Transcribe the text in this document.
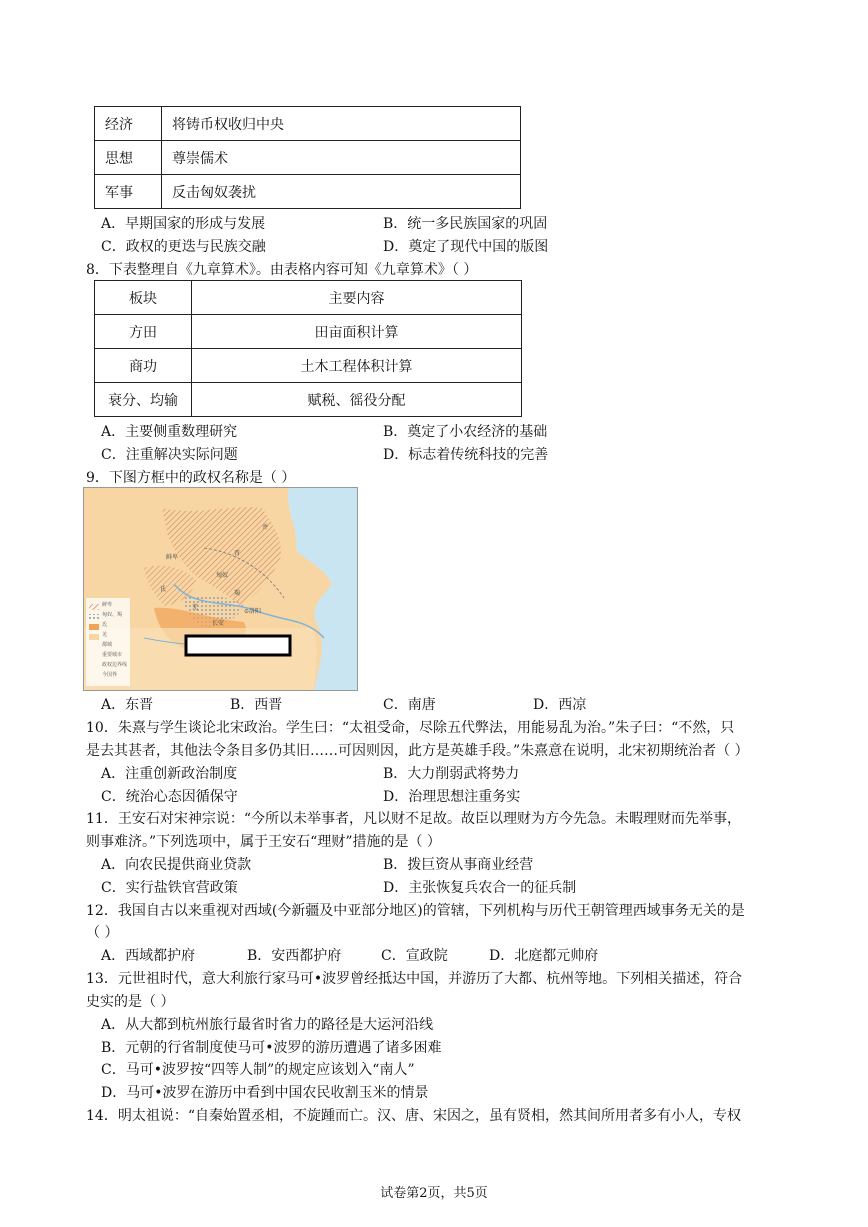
经济	将铸币权收归中央
思想	尊崇儒术
军事	反击匈奴袭扰
A．早期国家的形成与发展	B．统一多民族国家的巩固
C．政权的更迭与民族交融	D．奠定了现代中国的版图
8．下表整理自《九章算术》。由表格内容可知《九章算术》（ ）
板块	主要内容
方田	田亩面积计算
商功	土木工程体积计算
衰分、均输	赋税、徭役分配
A．主要侧重数理研究	B．奠定了小农经济的基础
C．注重解决实际问题	D．标志着传统科技的完善
9．下图方框中的政权名称是（ ）
鲜卑
匈奴
羯
并
氐
羌
⊙洛阳
长安
晋
鲜卑
匈奴、羯
氐
羌
都城
重要城市
政权边界线
今国界
A．东晋	B．西晋	C．南唐	D．西凉
10．朱熹与学生谈论北宋政治。学生曰：“太祖受命，尽除五代弊法，用能易乱为治。”朱子曰：“不然，只
是去其甚者，其他法令条目多仍其旧……可因则因，此方是英雄手段。”朱熹意在说明，北宋初期统治者（ ）
A．注重创新政治制度	B．大力削弱武将势力
C．统治心态因循保守	D．治理思想注重务实
11．王安石对宋神宗说：“今所以未举事者，凡以财不足故。故臣以理财为方今先急。未暇理财而先举事，
则事难济。”下列选项中，属于王安石“理财”措施的是（ ）
A．向农民提供商业贷款	B．拨巨资从事商业经营
C．实行盐铁官营政策	D．主张恢复兵农合一的征兵制
12．我国自古以来重视对西域(今新疆及中亚部分地区)的管辖，下列机构与历代王朝管理西域事务无关的是
（ ）
A．西域都护府	B．安西都护府	C．宣政院	D．北庭都元帅府
13．元世祖时代，意大利旅行家马可•波罗曾经抵达中国，并游历了大都、杭州等地。下列相关描述，符合
史实的是（ ）
A．从大都到杭州旅行最省时省力的路径是大运河沿线
B．元朝的行省制度使马可•波罗的游历遭遇了诸多困难
C．马可•波罗按“四等人制”的规定应该划入“南人”
D．马可•波罗在游历中看到中国农民收割玉米的情景
14．明太祖说：“自秦始置丞相，不旋踵而亡。汉、唐、宋因之，虽有贤相，然其间所用者多有小人，专权
试卷第2页，共5页
